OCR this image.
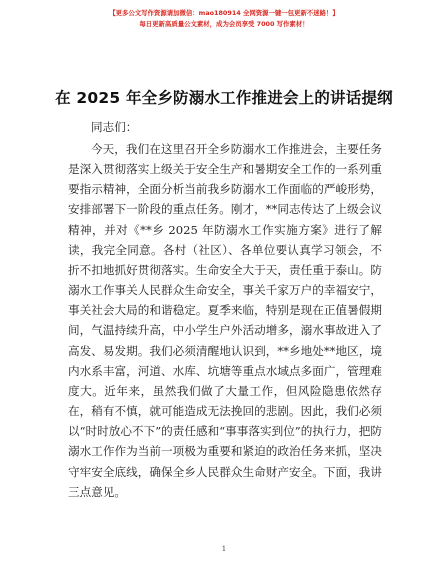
【更多公文写作资源请加微信：mao180914 全网资源一键一包更新不迷路！】
每日更新高质量公文素材，成为会员享受 7000 写作素材！
在 2025 年全乡防溺水工作推进会上的讲话提纲
同志们：
今天，我们在这里召开全乡防溺水工作推进会，主要任务是深入贯彻落实上级关于安全生产和暑期安全工作的一系列重要指示精神，全面分析当前我乡防溺水工作面临的严峻形势，安排部署下一阶段的重点任务。刚才，**同志传达了上级会议精神，并对《**乡 2025 年防溺水工作实施方案》进行了解读，我完全同意。各村（社区）、各单位要认真学习领会，不折不扣地抓好贯彻落实。生命安全大于天，责任重于泰山。防溺水工作事关人民群众生命安全，事关千家万户的幸福安宁，事关社会大局的和谐稳定。夏季来临，特别是现在正值暑假期间，气温持续升高，中小学生户外活动增多，溺水事故进入了高发、易发期。我们必须清醒地认识到，**乡地处**地区，境内水系丰富，河道、水库、坑塘等重点水域点多面广，管理难度大。近年来，虽然我们做了大量工作，但风险隐患依然存在，稍有不慎，就可能造成无法挽回的悲剧。因此，我们必须以“时时放心不下”的责任感和“事事落实到位”的执行力，把防溺水工作作为当前一项极为重要和紧迫的政治任务来抓，坚决守牢安全底线，确保全乡人民群众生命财产安全。下面，我讲三点意见。
1
